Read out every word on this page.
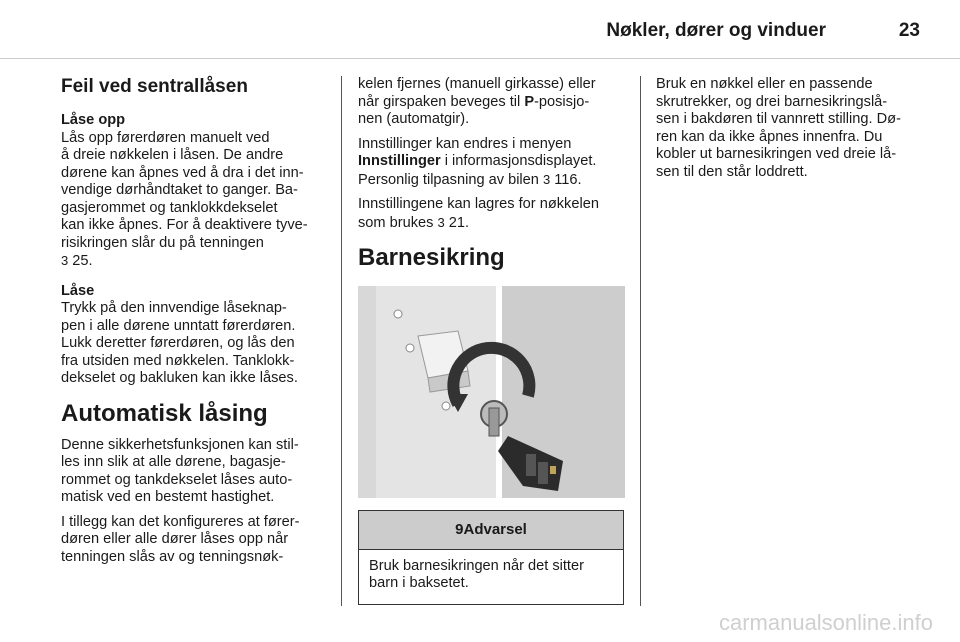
Nøkler, dører og vinduer	23
Feil ved sentrallåsen
Låse opp
Lås opp førerdøren manuelt ved
å dreie nøkkelen i låsen. De andre
dørene kan åpnes ved å dra i det inn-
vendige dørhåndtaket to ganger. Ba-
gasjerommet og tanklokkdekselet
kan ikke åpnes. For å deaktivere tyve-
risikringen slår du på tenningen
3 25.
Låse
Trykk på den innvendige låseknap-
pen i alle dørene unntatt førerdøren.
Lukk deretter førerdøren, og lås den
fra utsiden med nøkkelen. Tanklokk-
dekselet og bakluken kan ikke låses.
Automatisk låsing
Denne sikkerhetsfunksjonen kan stil-
les inn slik at alle dørene, bagasje-
rommet og tankdekselet låses auto-
matisk ved en bestemt hastighet.
I tillegg kan det konfigureres at fører-
døren eller alle dører låses opp når
tenningen slås av og tenningsnøk-
kelen fjernes (manuell girkasse) eller
når girspaken beveges til P-posisjo-
nen (automatgir).
Innstillinger kan endres i menyen
Innstillinger i informasjonsdisplayet.
Personlig tilpasning av bilen 3 116.
Innstillingene kan lagres for nøkkelen
som brukes 3 21.
Barnesikring
9Advarsel
Bruk barnesikringen når det sitter
barn i baksetet.
Bruk en nøkkel eller en passende
skrutrekker, og drei barnesikringslå-
sen i bakdøren til vannrett stilling. Dø-
ren kan da ikke åpnes innenfra. Du
kobler ut barnesikringen ved dreie lå-
sen til den står loddrett.
carmanualsonline.info
